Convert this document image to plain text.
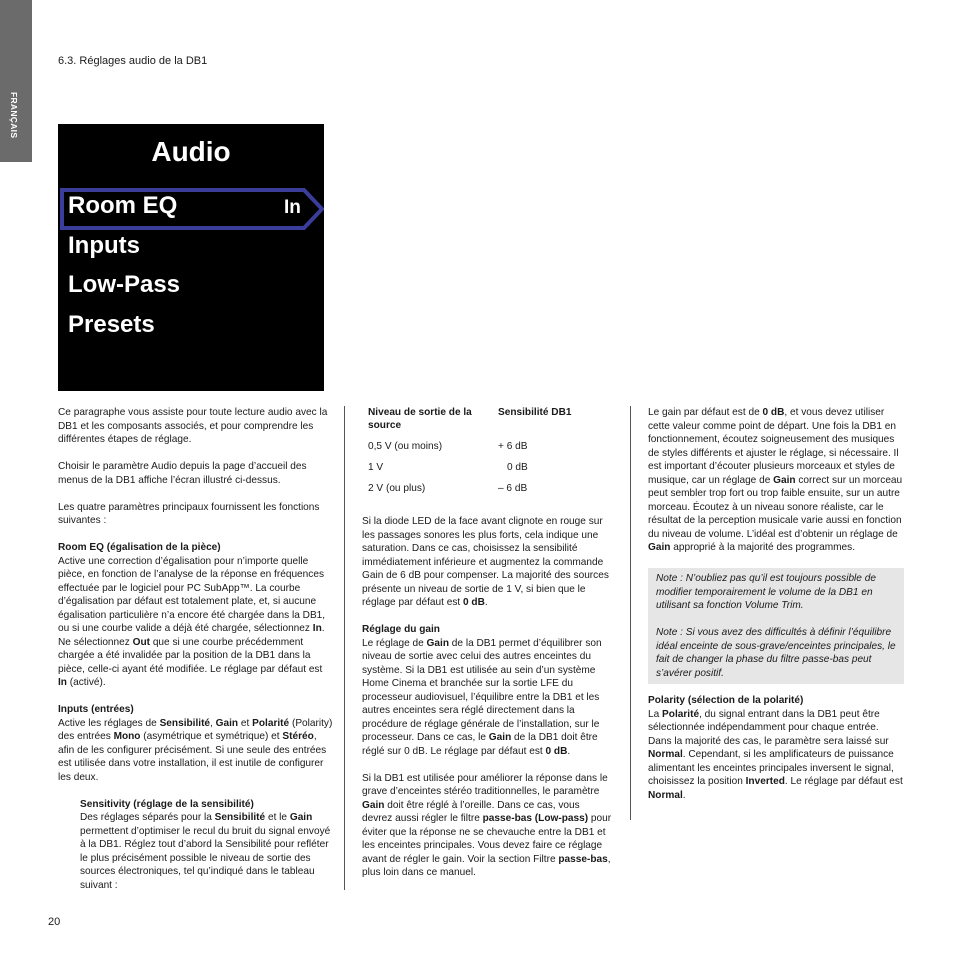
FRANÇAIS
6.3. Réglages audio de la DB1
Audio
Room EQ	In
Inputs
Low-Pass
Presets

Ce paragraphe vous assiste pour toute lecture audio avec la DB1 et les composants associés, et pour comprendre les différentes étapes de réglage.

Choisir le paramètre Audio depuis la page d’accueil des menus de la DB1 affiche l’écran illustré ci-dessus.

Les quatre paramètres principaux fournissent les fonctions suivantes :

Room EQ (égalisation de la pièce)

Active une correction d’égalisation pour n’importe quelle pièce, en fonction de l’analyse de la réponse en fréquences effectuée par le logiciel pour PC SubApp™. La courbe d’égalisation par défaut est totalement plate, et, si aucune égalisation particulière n’a encore été chargée dans la DB1, ou si une courbe valide a déjà été chargée, sélectionnez In. Ne sélectionnez Out que si une courbe précédemment chargée a été invalidée par la position de la DB1 dans la pièce, celle-ci ayant été modifiée. Le réglage par défaut est In (activé).

Inputs (entrées)

Active les réglages de Sensibilité, Gain et Polarité (Polarity) des entrées Mono (asymétrique et symétrique) et Stéréo, afin de les configurer précisément. Si une seule des entrées est utilisée dans votre installation, il est inutile de configurer les deux.

Sensitivity (réglage de la sensibilité)

Des réglages séparés pour la Sensibilité et le Gain permettent d’optimiser le recul du bruit du signal envoyé à la DB1. Réglez tout d’abord la Sensibilité pour refléter le plus précisément possible le niveau de sortie des sources électroniques, tel qu’indiqué dans le tableau suivant :

Niveau de sortie de la source	Sensibilité DB1
0,5 V (ou moins)	+ 6 dB
1 V	0 dB
2 V (ou plus)	– 6 dB

Si la diode LED de la face avant clignote en rouge sur les passages sonores les plus forts, cela indique une saturation. Dans ce cas, choisissez la sensibilité immédiatement inférieure et augmentez la commande Gain de 6 dB pour compenser. La majorité des sources présente un niveau de sortie de 1 V, si bien que le réglage par défaut est 0 dB.

Réglage du gain

Le réglage de Gain de la DB1 permet d’équilibrer son niveau de sortie avec celui des autres enceintes du système. Si la DB1 est utilisée au sein d’un système Home Cinema et branchée sur la sortie LFE du processeur audiovisuel, l’équilibre entre la DB1 et les autres enceintes sera réglé directement dans la procédure de réglage générale de l’installation, sur le processeur. Dans ce cas, le Gain de la DB1 doit être réglé sur 0 dB. Le réglage par défaut est 0 dB.

Si la DB1 est utilisée pour améliorer la réponse dans le grave d’enceintes stéréo traditionnelles, le paramètre Gain doit être réglé à l’oreille. Dans ce cas, vous devrez aussi régler le filtre passe-bas (Low-pass) pour éviter que la réponse ne se chevauche entre la DB1 et les enceintes principales. Vous devez faire ce réglage avant de régler le gain. Voir la section Filtre passe-bas, plus loin dans ce manuel.

Le gain par défaut est de 0 dB, et vous devez utiliser cette valeur comme point de départ. Une fois la DB1 en fonctionnement, écoutez soigneusement des musiques de styles différents et ajuster le réglage, si nécessaire. Il est important d’écouter plusieurs morceaux et styles de musique, car un réglage de Gain correct sur un morceau peut sembler trop fort ou trop faible ensuite, sur un autre morceau. Écoutez à un niveau sonore réaliste, car le résultat de la perception musicale varie aussi en fonction du niveau de volume. L’idéal est d’obtenir un réglage de Gain approprié à la majorité des programmes.

Note : N’oubliez pas qu’il est toujours possible de modifier temporairement le volume de la DB1 en utilisant sa fonction Volume Trim.

Note : Si vous avez des difficultés à définir l’équilibre idéal enceinte de sous-grave/enceintes principales, le fait de changer la phase du filtre passe-bas peut s’avérer positif.

Polarity (sélection de la polarité)

La Polarité, du signal entrant dans la DB1 peut être sélectionnée indépendamment pour chaque entrée. Dans la majorité des cas, le paramètre sera laissé sur Normal. Cependant, si les amplificateurs de puissance alimentant les enceintes principales inversent le signal, choisissez la position Inverted. Le réglage par défaut est Normal.

20
